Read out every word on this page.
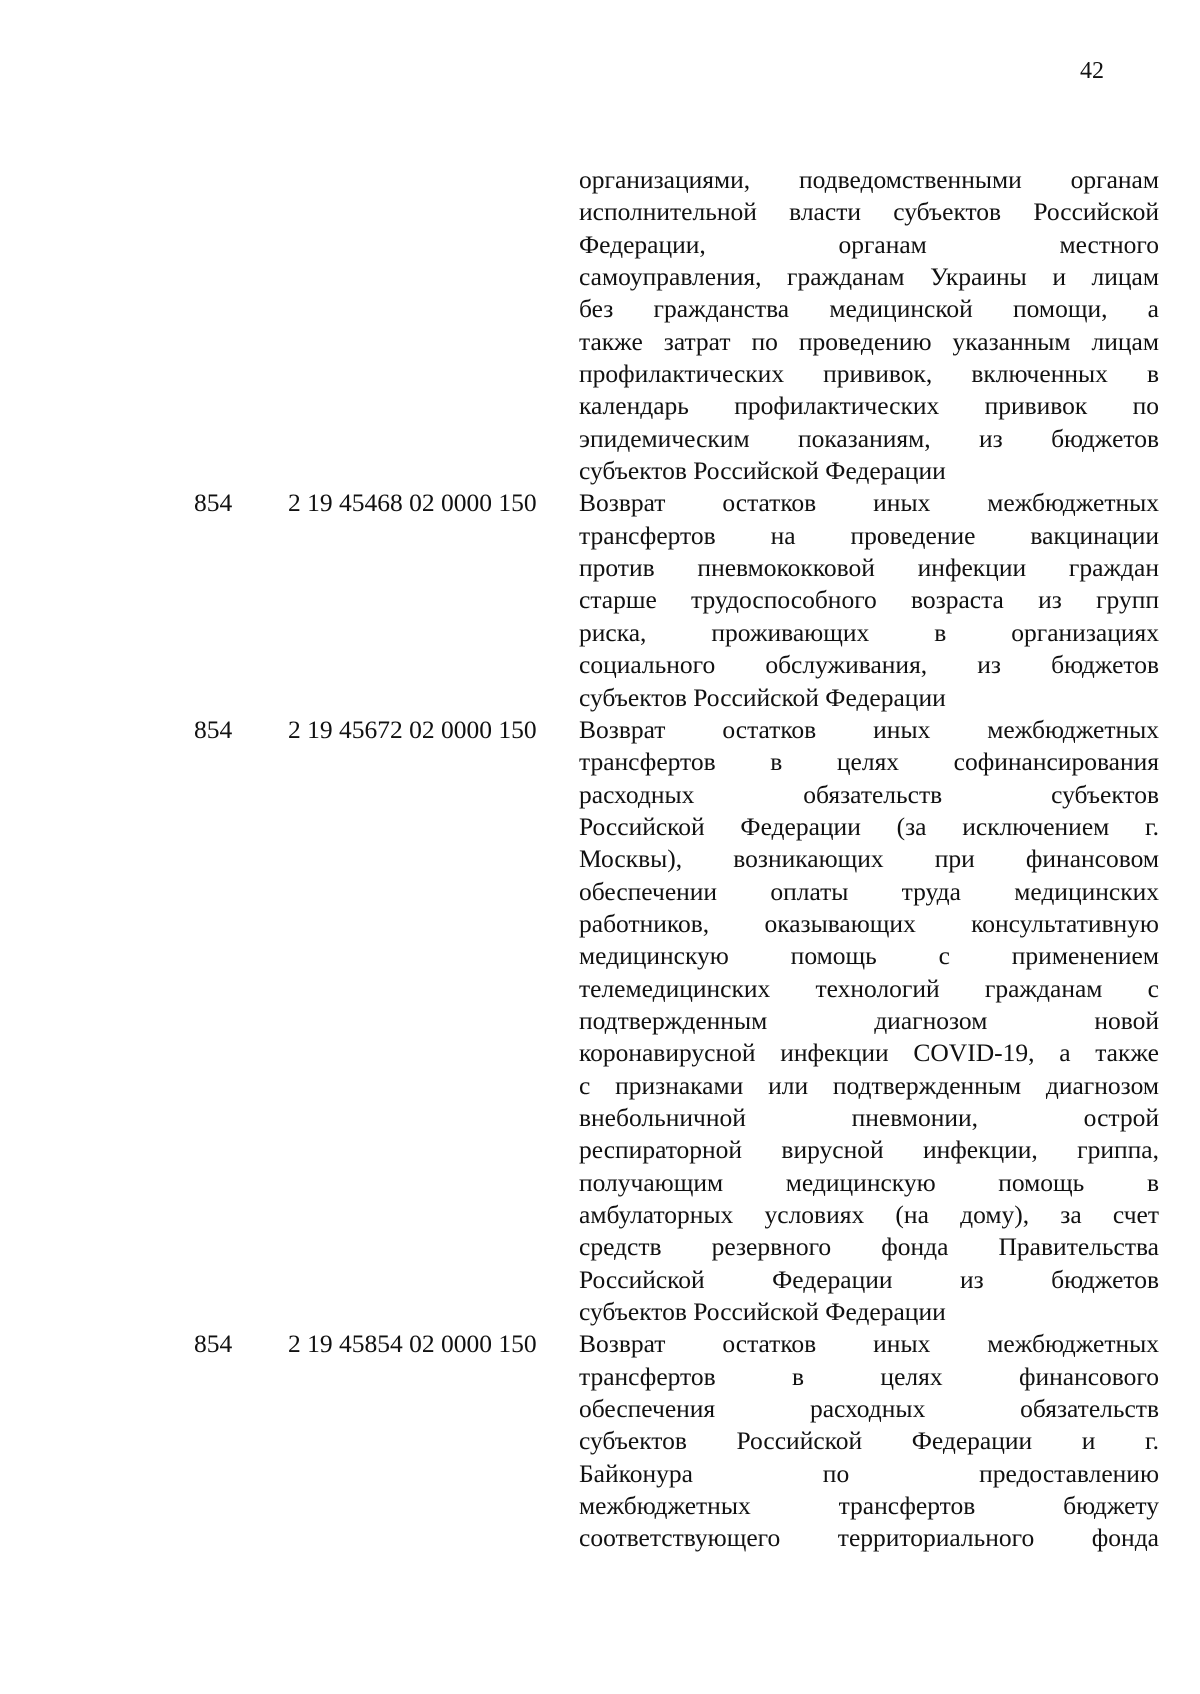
42
организациями, подведомственными органам
исполнительной власти субъектов Российской
Федерации, органам местного
самоуправления, гражданам Украины и лицам
без гражданства медицинской помощи, а
также затрат по проведению указанным лицам
профилактических прививок, включенных в
календарь профилактических прививок по
эпидемическим показаниям, из бюджетов
субъектов Российской Федерации
854	2 19 45468 02 0000 150	Возврат остатков иных межбюджетных
трансфертов на проведение вакцинации
против пневмококковой инфекции граждан
старше трудоспособного возраста из групп
риска, проживающих в организациях
социального обслуживания, из бюджетов
субъектов Российской Федерации
854	2 19 45672 02 0000 150	Возврат остатков иных межбюджетных
трансфертов в целях софинансирования
расходных обязательств субъектов
Российской Федерации (за исключением г.
Москвы), возникающих при финансовом
обеспечении оплаты труда медицинских
работников, оказывающих консультативную
медицинскую помощь с применением
телемедицинских технологий гражданам с
подтвержденным диагнозом новой
коронавирусной инфекции COVID-19, а также
с признаками или подтвержденным диагнозом
внебольничной пневмонии, острой
респираторной вирусной инфекции, гриппа,
получающим медицинскую помощь в
амбулаторных условиях (на дому), за счет
средств резервного фонда Правительства
Российской Федерации из бюджетов
субъектов Российской Федерации
854	2 19 45854 02 0000 150	Возврат остатков иных межбюджетных
трансфертов в целях финансового
обеспечения расходных обязательств
субъектов Российской Федерации и г.
Байконура по предоставлению
межбюджетных трансфертов бюджету
соответствующего территориального фонда
